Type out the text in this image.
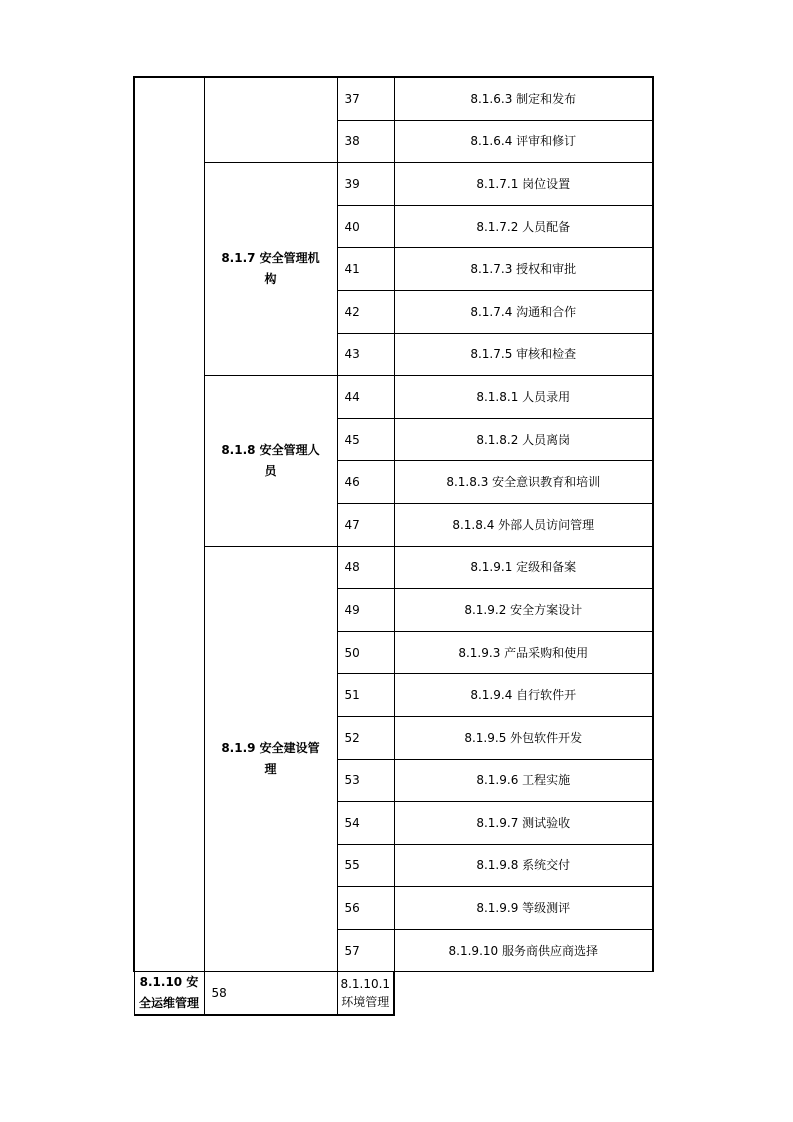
		37	8.1.6.3 制定和发布
		38	8.1.6.4 评审和修订
	8.1.7 安全管理机构	39	8.1.7.1 岗位设置
		40	8.1.7.2 人员配备
		41	8.1.7.3 授权和审批
		42	8.1.7.4 沟通和合作
		43	8.1.7.5 审核和检查
	8.1.8 安全管理人员	44	8.1.8.1 人员录用
		45	8.1.8.2 人员离岗
		46	8.1.8.3 安全意识教育和培训
		47	8.1.8.4 外部人员访问管理
	8.1.9 安全建设管理	48	8.1.9.1 定级和备案
		49	8.1.9.2 安全方案设计
		50	8.1.9.3 产品采购和使用
		51	8.1.9.4 自行软件开
		52	8.1.9.5 外包软件开发
		53	8.1.9.6 工程实施
		54	8.1.9.7 测试验收
		55	8.1.9.8 系统交付
		56	8.1.9.9 等级测评
		57	8.1.9.10 服务商供应商选择
8.1.10 安全运维管理	58	8.1.10.1 环境管理	
